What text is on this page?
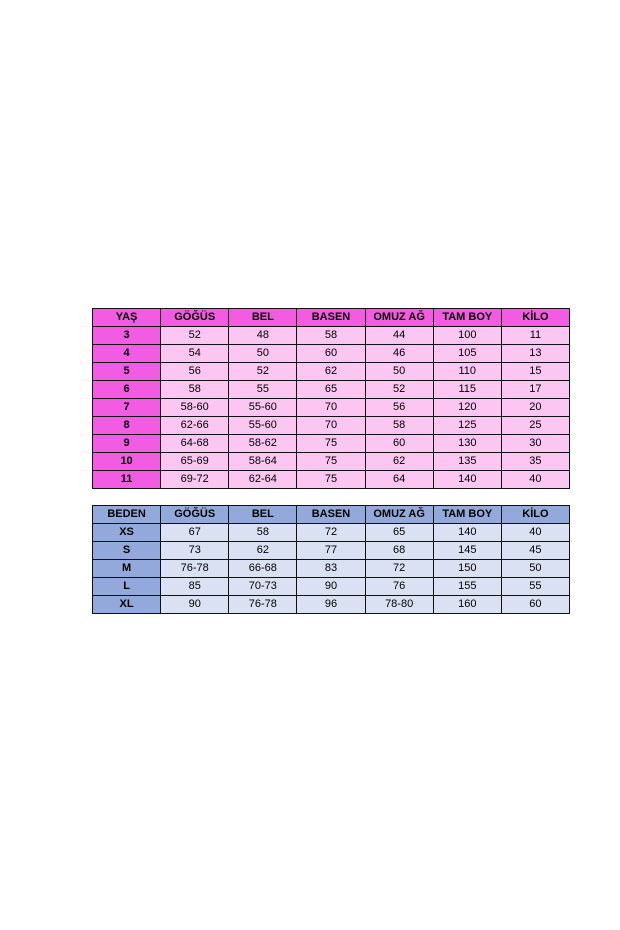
YAŞ	GÖĞÜS	BEL	BASEN	OMUZ AĞ	TAM BOY	KİLO
3	52	48	58	44	100	11
4	54	50	60	46	105	13
5	56	52	62	50	110	15
6	58	55	65	52	115	17
7	58-60	55-60	70	56	120	20
8	62-66	55-60	70	58	125	25
9	64-68	58-62	75	60	130	30
10	65-69	58-64	75	62	135	35
11	69-72	62-64	75	64	140	40
BEDEN	GÖĞÜS	BEL	BASEN	OMUZ AĞ	TAM BOY	KİLO
XS	67	58	72	65	140	40
S	73	62	77	68	145	45
M	76-78	66-68	83	72	150	50
L	85	70-73	90	76	155	55
XL	90	76-78	96	78-80	160	60
